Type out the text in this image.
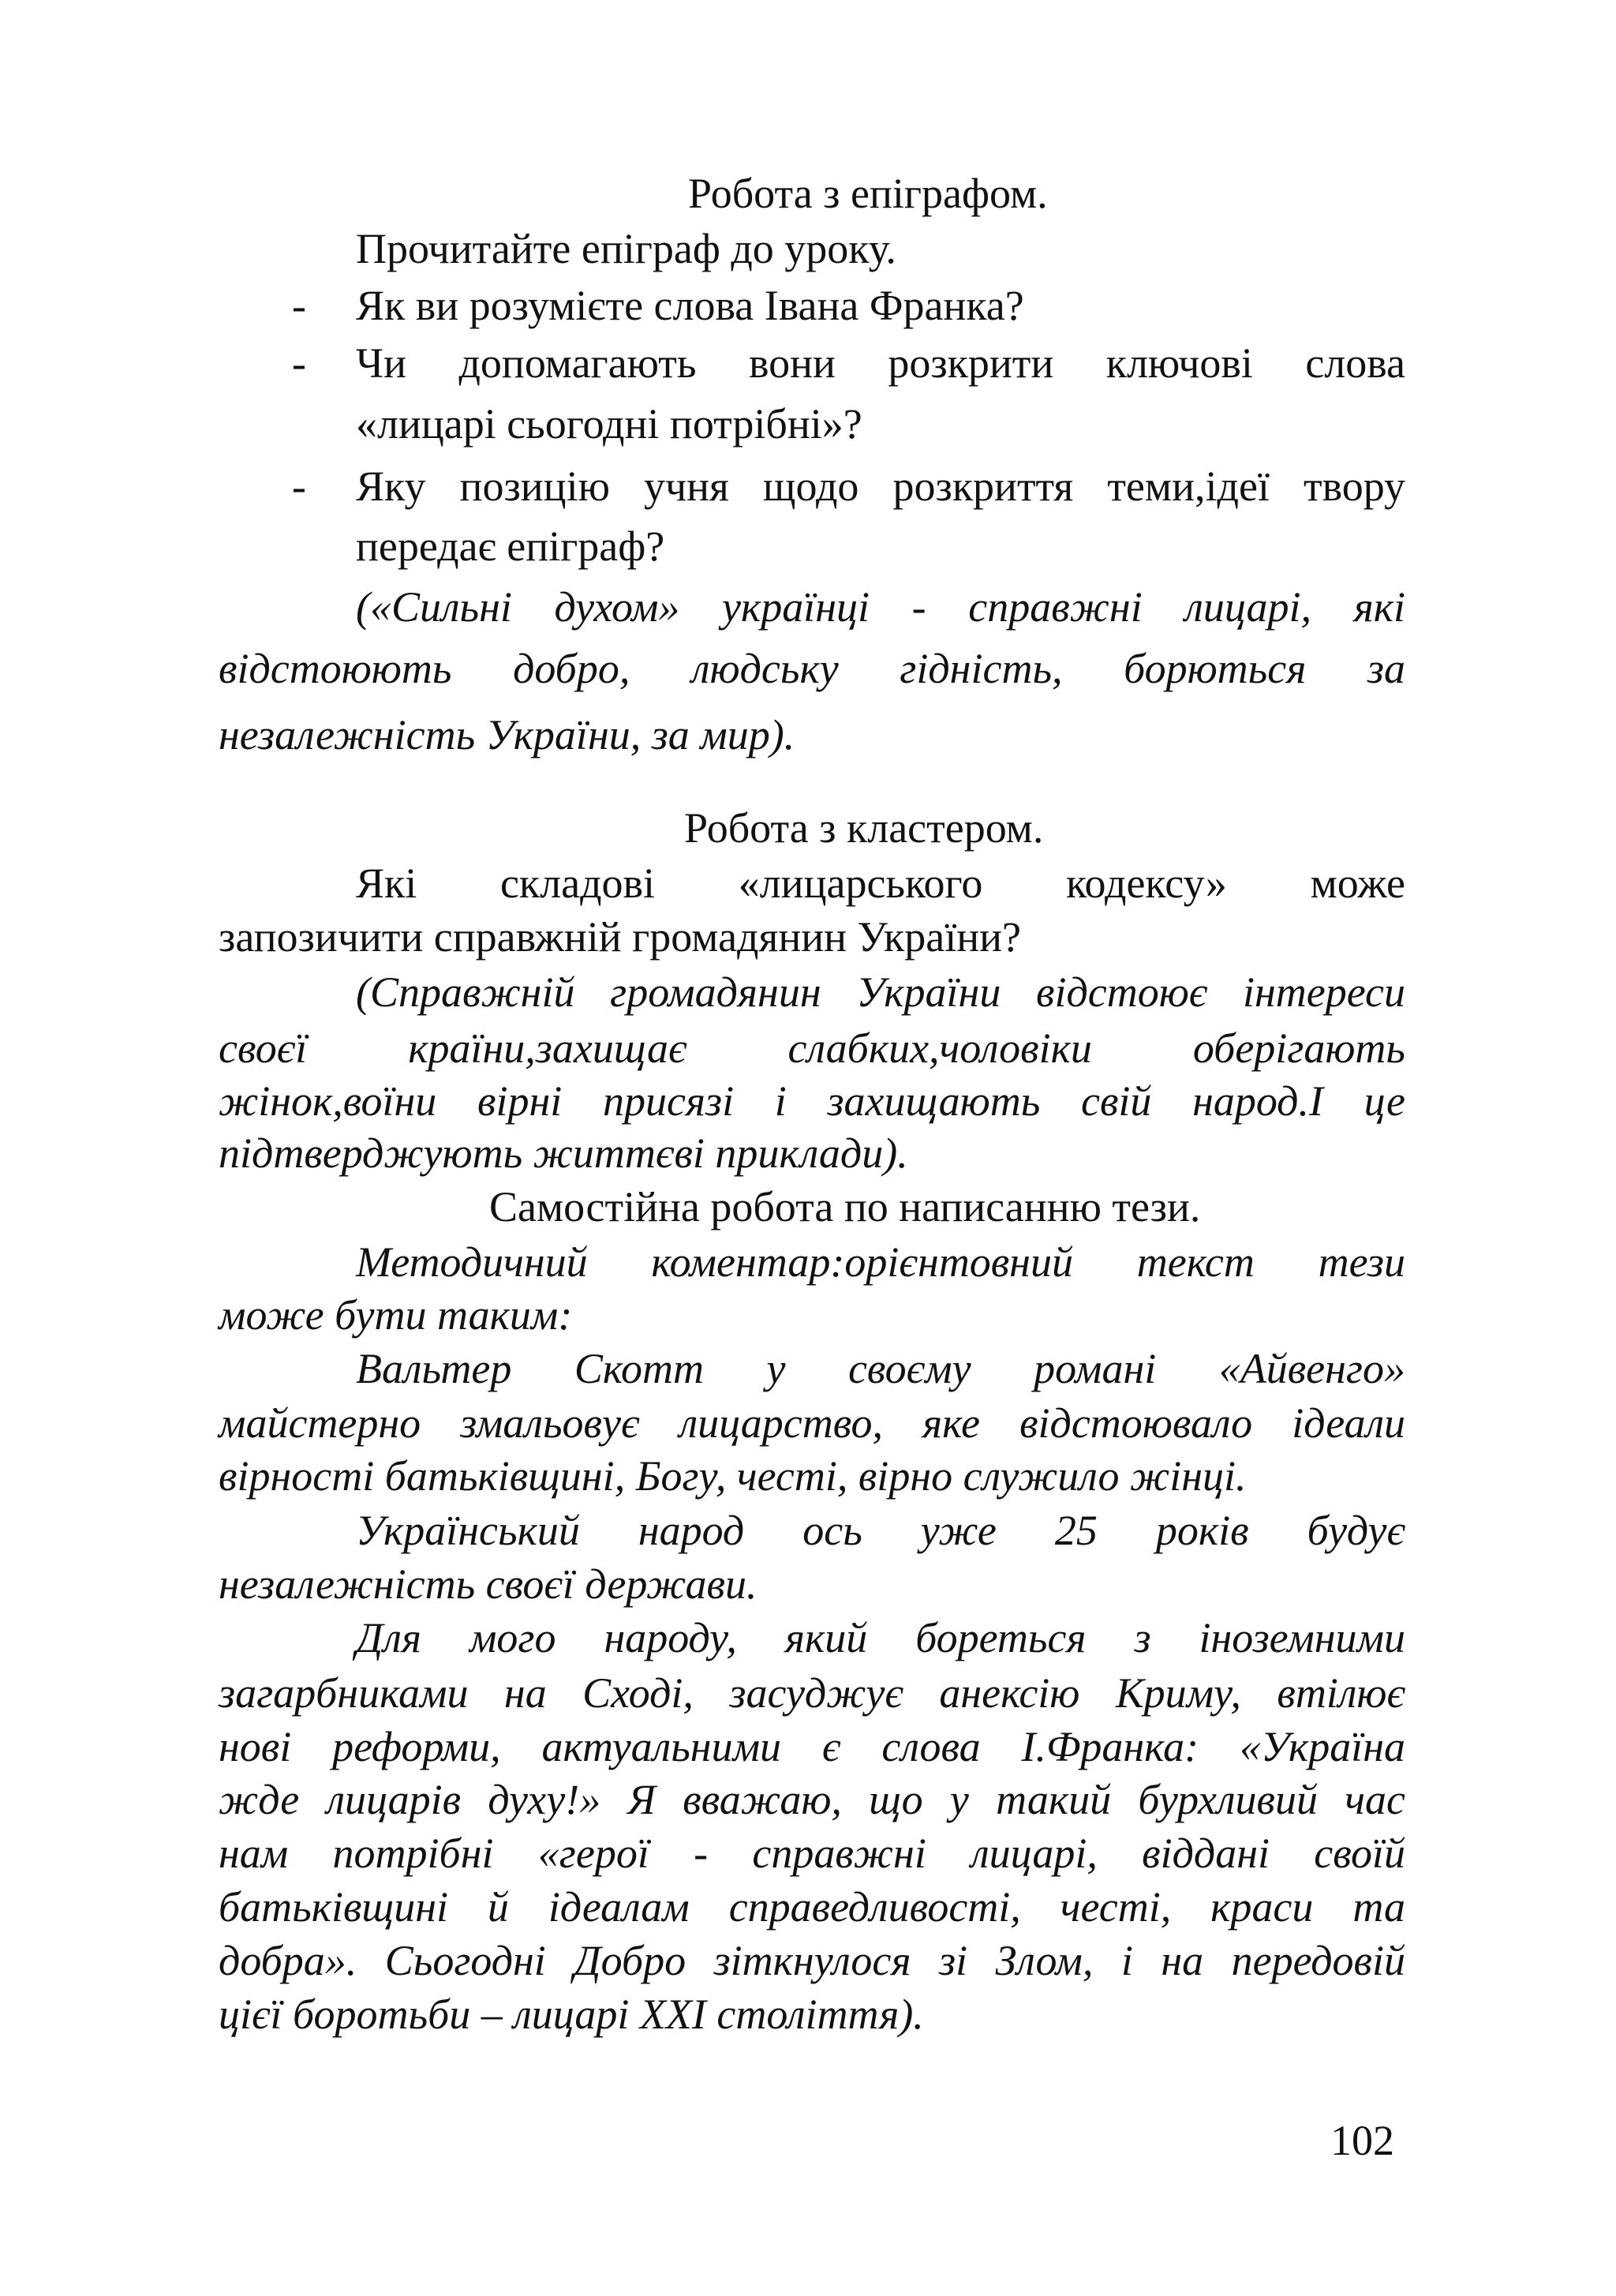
Робота з епіграфом.

Прочитайте епіграф до уроку.

- Як ви розумієте слова Івана Франка?

- Чи допомагають вони розкрити ключові слова

«лицарі сьогодні потрібні»?

- Яку позицію учня щодо розкриття теми,ідеї твору

передає епіграф?

(«Сильні духом» українці - справжні лицарі, які

відстоюють добро, людську гідність, борються за

незалежність України, за мир).

Робота з кластером.

Які складові «лицарського кодексу» може

запозичити справжній громадянин України?

(Справжній громадянин України відстоює інтереси

своєї країни,захищає слабких,чоловіки оберігають

жінок,воїни вірні присязі і захищають свій народ.І це

підтверджують життєві приклади).

Самостійна робота по написанню тези.

Методичний коментар:орієнтовний текст тези

може бути таким:

Вальтер Скотт у своєму романі «Айвенго»

майстерно змальовує лицарство, яке відстоювало ідеали

вірності батьківщині, Богу, честі, вірно служило жінці.

Український народ ось уже 25 років будує

незалежність своєї держави.

Для мого народу, який бореться з іноземними

загарбниками на Сході, засуджує анексію Криму, втілює

нові реформи, актуальними є слова І.Франка: «Україна

жде лицарів духу!» Я вважаю, що у такий бурхливий час

нам потрібні «герої - справжні лицарі, віддані своїй

батьківщині й ідеалам справедливості, честі, краси та

добра». Сьогодні Добро зіткнулося зі Злом, і на передовій

цієї боротьби – лицарі XXI століття).

102
